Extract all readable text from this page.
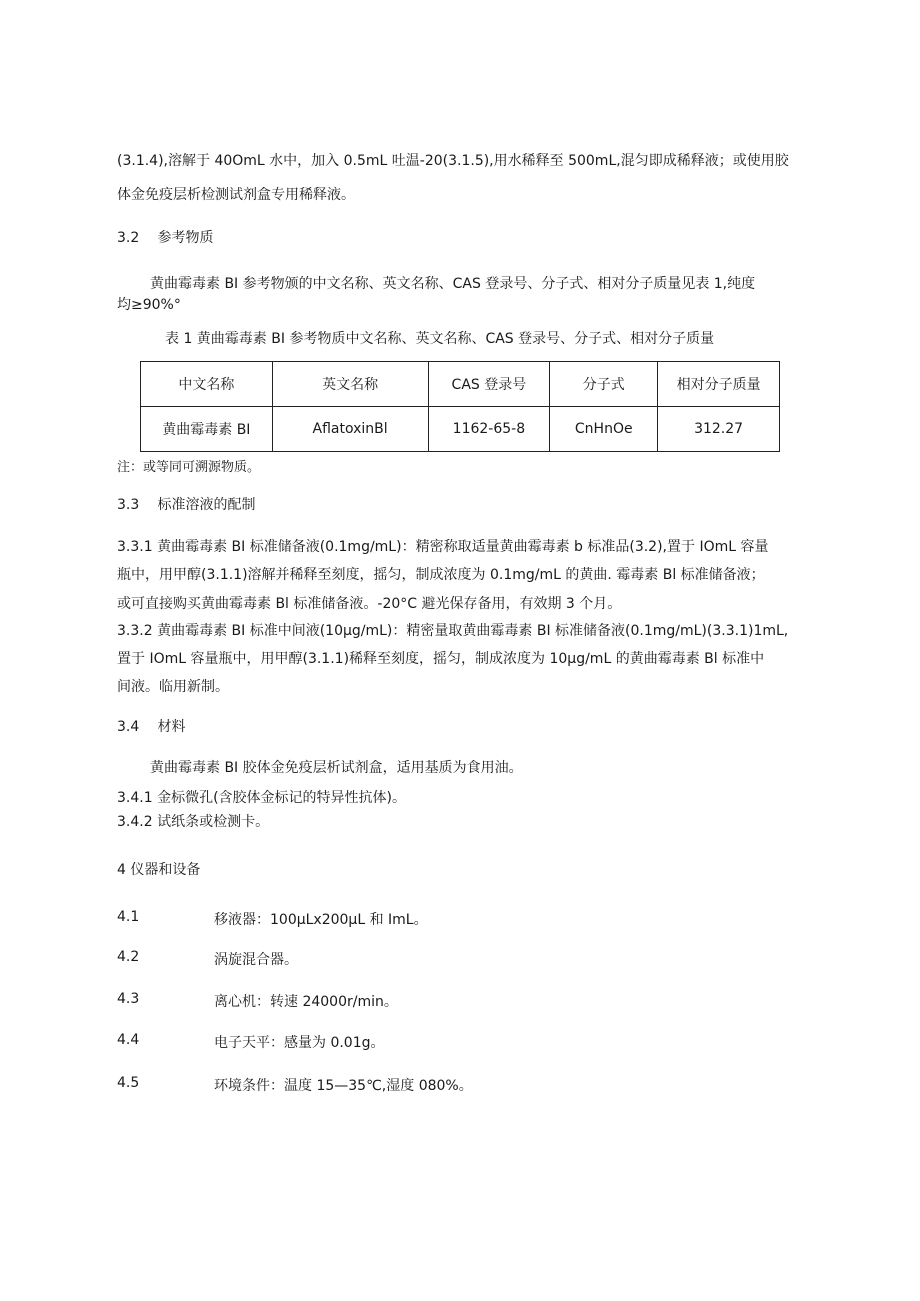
(3.1.4),溶解于 40OmL 水中，加入 0.5mL 吐温-20(3.1.5),用水稀释至 500mL,混匀即成稀释液；或使用胶
体金免疫层析检测试剂盒专用稀释液。
3.2 参考物质
黄曲霉毒素 BI 参考物颁的中文名称、英文名称、CAS 登录号、分子式、相对分子质量见表 1,纯度
均≥90%°
表 1 黄曲霉毒素 BI 参考物质中文名称、英文名称、CAS 登录号、分子式、相对分子质量
中文名称	英文名称	CAS 登录号	分子式	相对分子质量
黄曲霉毒素 BI	AflatoxinBl	1162-65-8	CnHnOe	312.27
注：或等同可溯源物质。
3.3 标准溶液的配制
3.3.1 黄曲霉毒素 BI 标准储备液(0.1mg∕mL)：精密称取适量黄曲霉毒素 b 标准品(3.2),置于 IOmL 容量
瓶中，用甲醇(3.1.1)溶解并稀释至刻度，摇匀，制成浓度为 0.1mg/mL 的黄曲. 霉毒素 Bl 标准储备液；
或可直接购买黄曲霉毒素 Bl 标准储备液。-20°C 避光保存备用，有效期 3 个月。
3.3.2 黄曲霉毒素 BI 标准中间液(10μg∕mL)：精密量取黄曲霉毒素 BI 标准储备液(0.1mg∕mL)(3.3.1)1mL,
置于 IOmL 容量瓶中，用甲醇(3.1.1)稀释至刻度，摇匀，制成浓度为 10μg∕mL 的黄曲霉毒素 Bl 标准中
间液。临用新制。
3.4 材料
黄曲霉毒素 BI 胶体金免疫层析试剂盒，适用基质为食用油。
3.4.1 金标微孔(含胶体金标记的特异性抗体)。
3.4.2 试纸条或检测卡。
4 仪器和设备
4.1	移液器：100μLx200μL 和 ImL。
4.2	涡旋混合器。
4.3	离心机：转速 24000r/min。
4.4	电子天平：感量为 0.01g。
4.5	环境条件：温度 15—35℃,湿度 080%。
